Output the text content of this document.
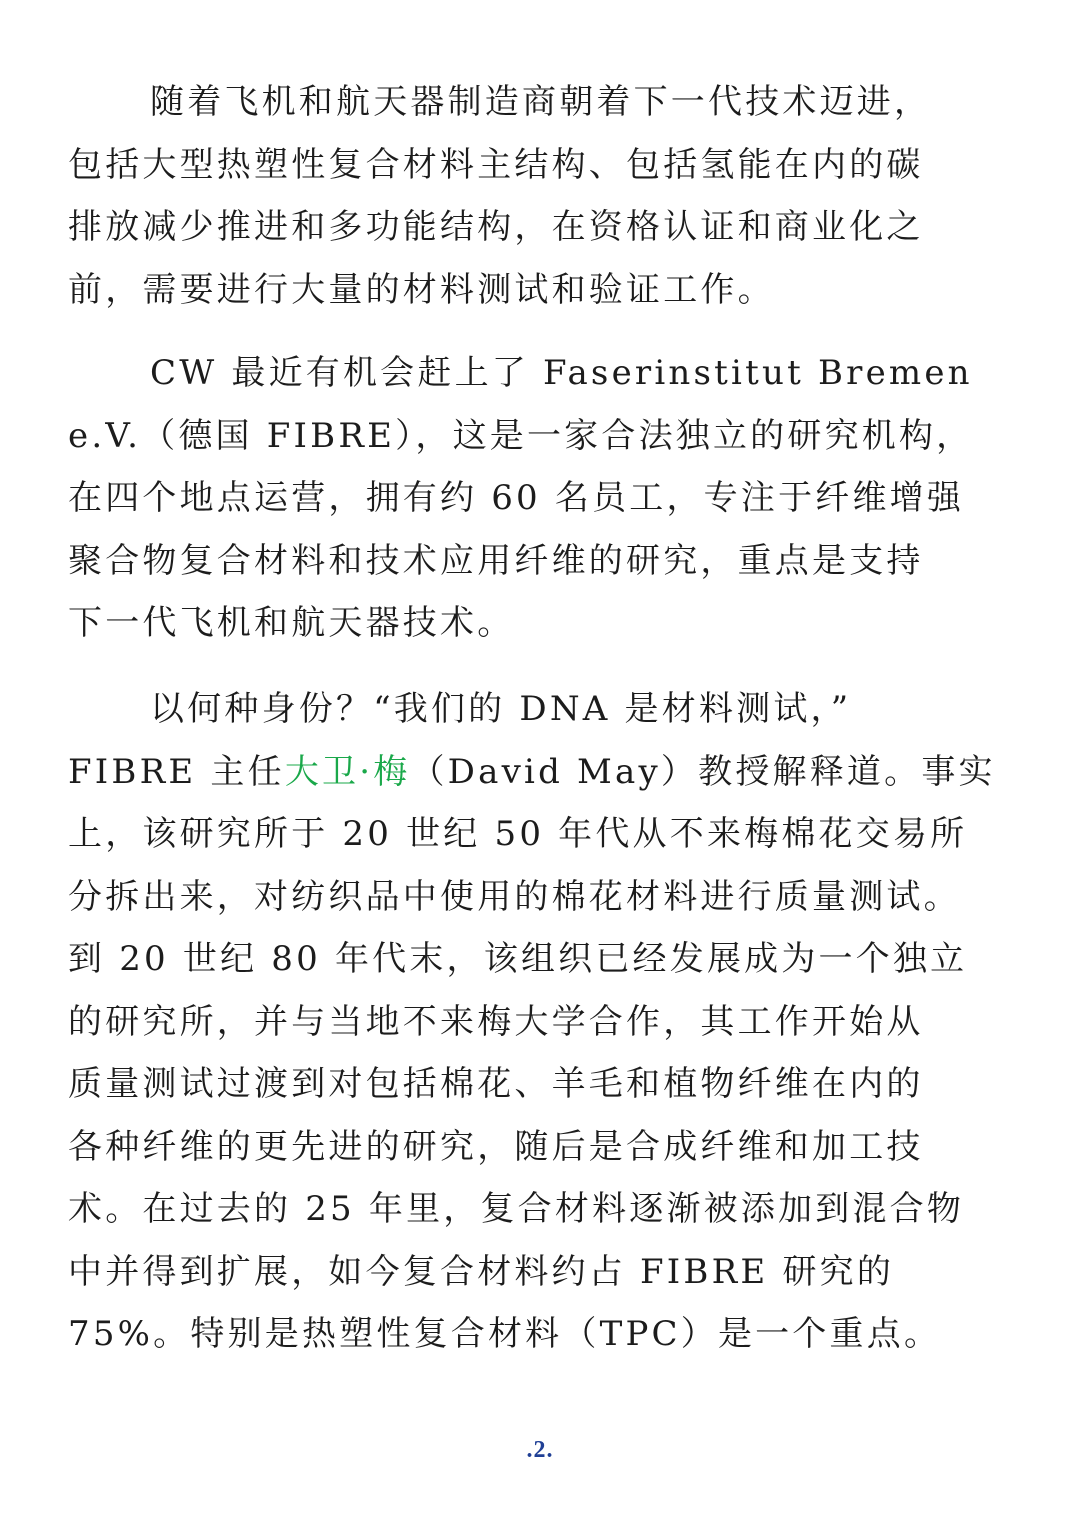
随着飞机和航天器制造商朝着下一代技术迈进，
包括大型热塑性复合材料主结构、包括氢能在内的碳
排放减少推进和多功能结构，在资格认证和商业化之
前，需要进行大量的材料测试和验证工作。
CW 最近有机会赶上了 Faserinstitut Bremen
e.V.（德国 FIBRE），这是一家合法独立的研究机构，
在四个地点运营，拥有约 60 名员工，专注于纤维增强
聚合物复合材料和技术应用纤维的研究，重点是支持
下一代飞机和航天器技术。
以何种身份？“我们的 DNA 是材料测试，”
FIBRE 主任大卫·梅（David May）教授解释道。事实
上，该研究所于 20 世纪 50 年代从不来梅棉花交易所
分拆出来，对纺织品中使用的棉花材料进行质量测试。
到 20 世纪 80 年代末，该组织已经发展成为一个独立
的研究所，并与当地不来梅大学合作，其工作开始从
质量测试过渡到对包括棉花、羊毛和植物纤维在内的
各种纤维的更先进的研究，随后是合成纤维和加工技
术。在过去的 25 年里，复合材料逐渐被添加到混合物
中并得到扩展，如今复合材料约占 FIBRE 研究的
75%。特别是热塑性复合材料（TPC）是一个重点。
.2.
